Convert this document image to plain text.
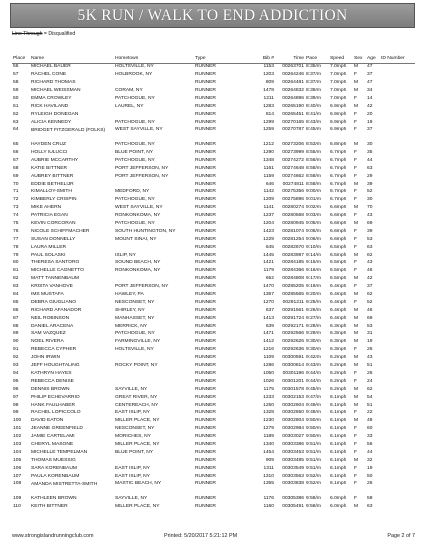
5K RUN / WALK TO END ADDICTION
Line Through = Disqualified
Place	Name	Hometown	Type	Bib #	Time	Pace	Speed	Sex	Age	ID Number
56	MICHAEL BAUER	HOLTSVILLE, NY	RUNNER	1153	00263701	8:35/m	7.0mph	M	47	
57	RACHEL CONE	HOLBROOK, NY	RUNNER	1203	00264246	8:37/m	7.0mph	F	37	
58	RICHARD THOMAS		RUNNER	809	00264481	8:37/m	7.0mph	M	47	
59	MICHAEL WEISSMAN	CORAM, NY	RUNNER	1478	00264832	8:39/m	7.0mph	M	34	
60	EMMA CROWLEY	PATCHOGUE, NY	RUNNER	1211	00264896	8:39/m	7.0mph	F	14	
61	RICK HAVILAND	LAUREL, NY	RUNNER	1283	00265190	8:40/m	6.9mph	M	42	
62	RYLEIGH DONEGAN		RUNNER	814	00265451	8:41/m	6.9mph	F	20	
63	ALICIA KENNEDY	PATCHOGUE, NY	RUNNER	1299	00270165	8:43/m	6.9mph	F	19	
64	BRIDGET FITZGERALD (FOLKS)	WEST SAYVILLE, NY	RUNNER	1259	00270787	8:45/m	6.9mph	F	37	
65	HAYDEN CRUZ	PATCHOGUE, NY	RUNNER	1212	00273206	8:53/m	6.8mph	M	30	
66	HOLLY IULUCCI	BLUE POINT, NY	RUNNER	1290	00273999	8:55/m	6.7mph	F	35	
67	AUBRIE MCCARTHY	PATCHOGUE, NY	RUNNER	1348	00274272	8:56/m	6.7mph	F	44	
68	KATIE BITTNER	PORT JEFFERSON, NY	RUNNER	1161	00274648	8:58/m	6.7mph	F	63	
69	AUBREY BITTNER	PORT JEFFERSON, NY	RUNNER	1159	00274662	8:58/m	6.7mph	F	29	
70	EDDIE BETHELIJR		RUNNER	646	00274811	8:58/m	6.7mph	M	39	
71	KIMALLOY-SMITH	MEDFORD, NY	RUNNER	1142	00275356	9:00/m	6.7mph	F	52	
72	KIMBERLY CRISPIN	PATCHOGUE, NY	RUNNER	1209	00275896	9:01/m	6.7mph	F	30	
73	MIKE AHERN	WEST SAYVILLE, NY	RUNNER	1141	00280274	9:02/m	6.6mph	M	70	
74	PATRICIA EGAN	RONKONKOMA, NY	RUNNER	1237	00280568	9:03/m	6.6mph	F	43	
75	KEVIN CORCORAN	PATCHOGUE, NY	RUNNER	1204	00280945	9:05/m	6.6mph	M	69	
76	NICOLE SCHIFFMACHER	SOUTH HUNTINGTON, NY	RUNNER	1423	00281074	9:05/m	6.6mph	F	39	
77	SUSAN DONNELLY	MOUNT SINAI, NY	RUNNER	1229	00281254	9:06/m	6.6mph	F	53	
78	LAURA MILLER		RUNNER	645	00282670	9:10/m	6.5mph	F	63	
79	PAUL SOLASKI	ISLIP, NY	RUNNER	1445	00283987	9:14/m	6.5mph	M	62	
80	THERESA SANTORO	SOUND BEACH, NY	RUNNER	1421	00284185	9:15/m	6.5mph	F	43	
81	MICHELLE CAGNETTO	RONKONKOMA, NY	RUNNER	1179	00284366	9:16/m	6.5mph	F	46	
82	MATT TANNENBAUM		RUNNER	652	00284808	9:17/m	6.5mph	M	42	
83	KRISTA VANHOVE	PORT JEFFERSON, NY	RUNNER	1470	00285205	9:19/m	6.4mph	F	37	
84	IMS MUSTAFA	HAWLEY, PA	RUNNER	1367	00285565	9:20/m	6.4mph	M	62	
85	DEBRA GIUGLIANO	NESCONSET, NY	RUNNER	1270	00291211	9:25/m	6.4mph	F	52	
86	RICHARD AFANADOR	SHIRLEY, NY	RUNNER	637	00291561	9:26/m	6.4mph	M	46	
87	NEIL ROBINSON	MANHASSET, NY	RUNNER	1413	00291724	9:27/m	6.4mph	M	69	
88	DANIEL ARACENA	MERRICK, NY	RUNNER	639	00292171	9:28/m	6.3mph	M	53	
89	SAM VAZQUEZ	PATCHOGUE, NY	RUNNER	1471	00292566	9:29/m	6.3mph	M	31	
90	NOEL RIVERA	FARMINGVILLE, NY	RUNNER	1412	00292626	9:30/m	6.3mph	M	19	
91	REBECCA CYPHER	HOLTSVILLE, NY	RUNNER	1216	00292636	9:30/m	6.3mph	F	26	
92	JOHN IRWIN		RUNNER	1109	00300591	9:42/m	6.2mph	M	43	
93	JEFF HOUGHTALING	ROCKY POINT, NY	RUNNER	1286	00300814	9:43/m	6.2mph	M	51	
94	KATHRYN HAYES		RUNNER	1050	00301196	9:44/m	6.2mph	F	26	
95	REBECCA DENISE		RUNNER	1026	00301201	9:44/m	6.2mph	F	24	
96	DENNIS BROWN	SAYVILLE, NY	RUNNER	1175	00301578	9:45/m	6.2mph	M	62	
97	PHILIP ECHEVARRIO	GREAT RIVER, NY	RUNNER	1233	00302153	9:47/m	6.1mph	M	54	
98	HANK FAULHABER	CENTEREACH, NY	RUNNER	1250	00302604	9:49/m	6.1mph	M	51	
99	RACHEL LOPICCOLO	EAST ISLIP, NY	RUNNER	1328	00302650	9:49/m	6.1mph	F	22	
100	DAVID EATON	MILLER PLACE, NY	RUNNER	1230	00302804	9:50/m	6.1mph	M	48	
101	JEANNE GREENFIELD	NESCONSET, NY	RUNNER	1279	00302984	9:50/m	6.1mph	F	60	
102	JAMIE CARTELAMI	MORICHES, NY	RUNNER	1189	00303027	9:50/m	6.1mph	F	33	
103	CHERYL MASONE	MILLER PLACE, NY	RUNNER	1340	00303386	9:51/m	6.1mph	F	56	
104	MICHELLE TEMPELMAN	BLUE POINT, NY	RUNNER	1454	00303453	9:51/m	6.1mph	F	44	
105	THOMAS MUESSIG		RUNNER	909	00303485	9:51/m	6.1mph	M	32	
106	SARA KORENBAUM	EAST ISLIP, NY	RUNNER	1311	00303549	9:51/m	6.1mph	F	19	
107	PAULA KORENBAUM	EAST ISLIP, NY	RUNNER	1310	00303563	9:52/m	6.1mph	F	50	
108	AMANDA MISTRETTA-SMITH	MASTIC BEACH, NY	RUNNER	1355	00303838	9:52/m	6.1mph	F	26	
109	KATHLEEN BROWN	SAYVILLE, NY	RUNNER	1176	00305386	9:58/m	6.0mph	F	58	
110	KEITH BITTNER	MILLER PLACE, NY	RUNNER	1160	00305491	9:58/m	6.0mph	M	63	
www.strongislandrunningclub.com	Printed: 5/20/2017 5:21:12 PM	Page 2 of 7
